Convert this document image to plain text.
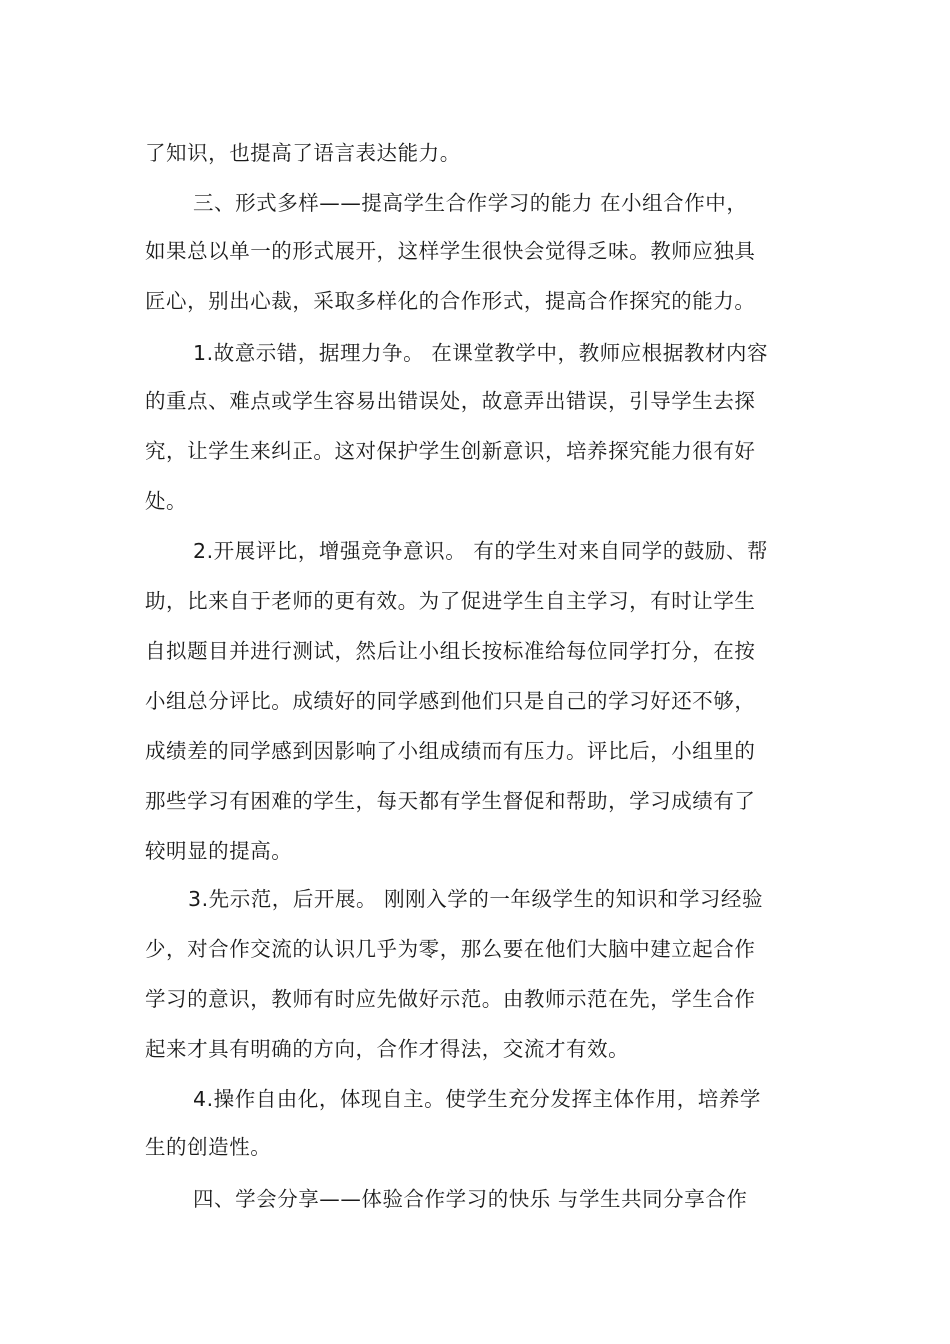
了知识，也提高了语言表达能力。
三、形式多样——提高学生合作学习的能力 在小组合作中，
如果总以单一的形式展开，这样学生很快会觉得乏味。教师应独具
匠心，别出心裁，采取多样化的合作形式，提高合作探究的能力。
1.故意示错，据理力争。 在课堂教学中，教师应根据教材内容
的重点、难点或学生容易出错误处，故意弄出错误，引导学生去探
究，让学生来纠正。这对保护学生创新意识，培养探究能力很有好
处。
2.开展评比，增强竞争意识。 有的学生对来自同学的鼓励、帮
助，比来自于老师的更有效。为了促进学生自主学习，有时让学生
自拟题目并进行测试，然后让小组长按标准给每位同学打分，在按
小组总分评比。成绩好的同学感到他们只是自己的学习好还不够，
成绩差的同学感到因影响了小组成绩而有压力。评比后，小组里的
那些学习有困难的学生，每天都有学生督促和帮助，学习成绩有了
较明显的提高。
3.先示范，后开展。 刚刚入学的一年级学生的知识和学习经验
少，对合作交流的认识几乎为零，那么要在他们大脑中建立起合作
学习的意识，教师有时应先做好示范。由教师示范在先，学生合作
起来才具有明确的方向，合作才得法，交流才有效。
4.操作自由化，体现自主。使学生充分发挥主体作用，培养学
生的创造性。
四、学会分享——体验合作学习的快乐 与学生共同分享合作
